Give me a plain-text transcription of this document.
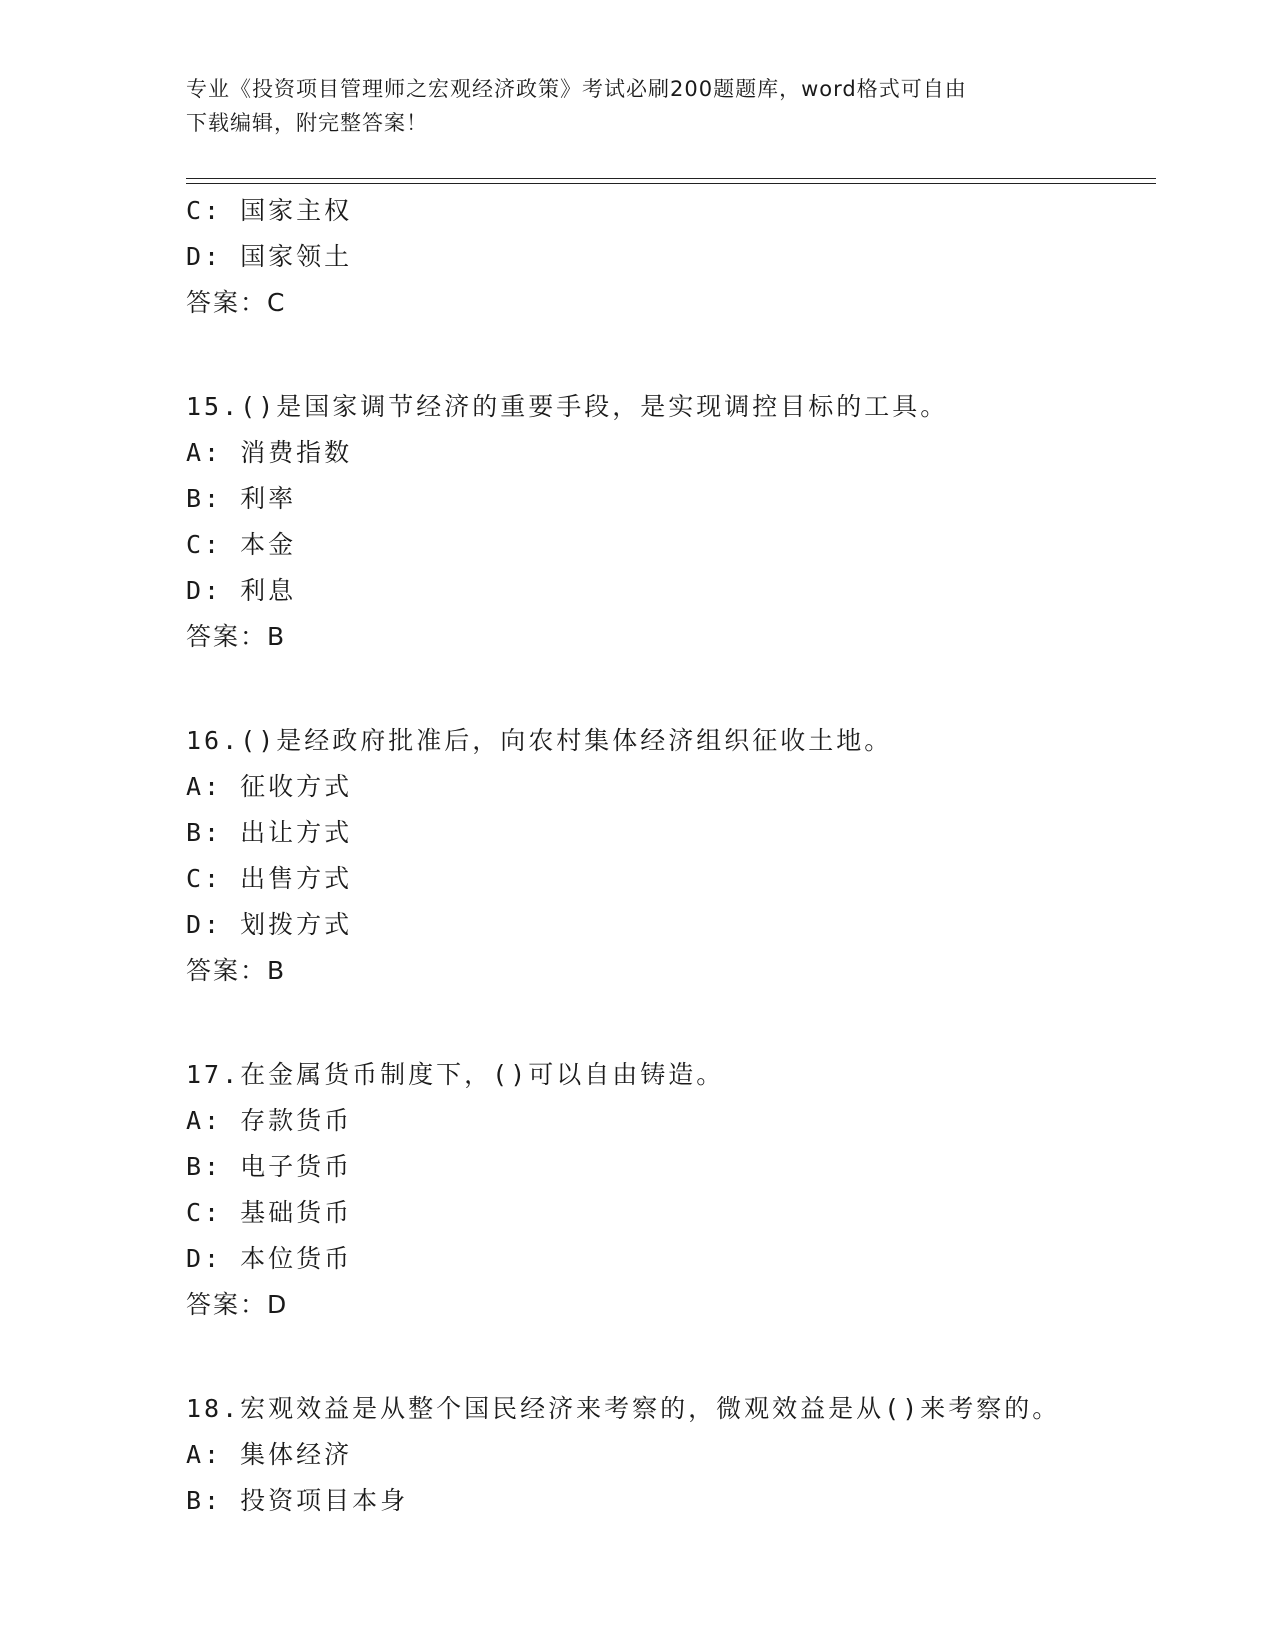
专业《投资项目管理师之宏观经济政策》考试必刷200题题库，word格式可自由
下载编辑，附完整答案！
C: 国家主权
D: 国家领土
答案：C
15.()是国家调节经济的重要手段，是实现调控目标的工具。
A: 消费指数
B: 利率
C: 本金
D: 利息
答案：B
16.()是经政府批准后，向农村集体经济组织征收土地。
A: 征收方式
B: 出让方式
C: 出售方式
D: 划拨方式
答案：B
17.在金属货币制度下，()可以自由铸造。
A: 存款货币
B: 电子货币
C: 基础货币
D: 本位货币
答案：D
18.宏观效益是从整个国民经济来考察的，微观效益是从()来考察的。
A: 集体经济
B: 投资项目本身
